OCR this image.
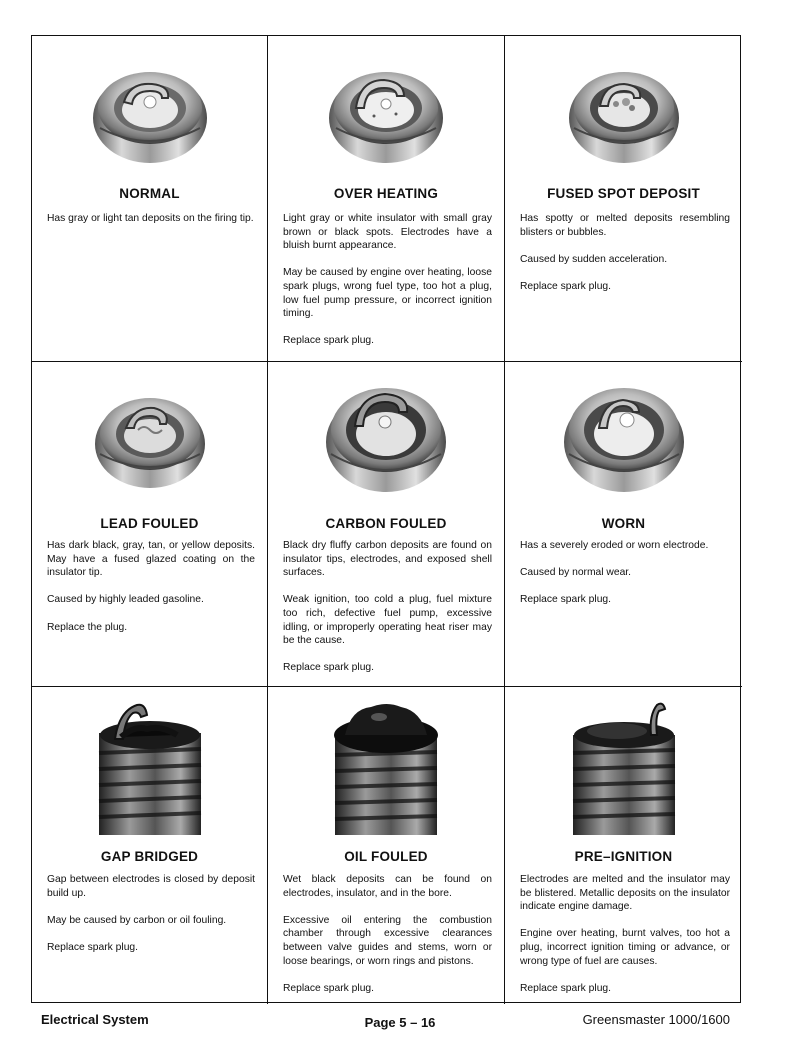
NORMAL

Has gray or light tan deposits on the firing tip.

OVER HEATING

Light gray or white insulator with small gray brown or black spots. Electrodes have a bluish burnt appearance.

May be caused by engine over heating, loose spark plugs, wrong fuel type, too hot a plug, low fuel pump pressure, or incorrect ignition timing.

Replace spark plug.

FUSED SPOT DEPOSIT

Has spotty or melted deposits resembling blisters or bubbles.

Caused by sudden acceleration.

Replace spark plug.

LEAD FOULED

Has dark black, gray, tan, or yellow deposits. May have a fused glazed coating on the insulator tip.

Caused by highly leaded gasoline.

Replace the plug.

CARBON FOULED

Black dry fluffy carbon deposits are found on insulator tips, electrodes, and exposed shell surfaces.

Weak ignition, too cold a plug, fuel mixture too rich, defective fuel pump, excessive idling, or improperly operating heat riser may be the cause.

Replace spark plug.

WORN

Has a severely eroded or worn electrode.

Caused by normal wear.

Replace spark plug.

GAP BRIDGED

Gap between electrodes is closed by deposit build up.

May be caused by carbon or oil fouling.

Replace spark plug.

OIL FOULED

Wet black deposits can be found on electrodes, insulator, and in the bore.

Excessive oil entering the combustion chamber through excessive clearances between valve guides and stems, worn or loose bearings, or worn rings and pistons.

Replace spark plug.

PRE–IGNITION

Electrodes are melted and the insulator may be blistered. Metallic deposits on the insulator indicate engine damage.

Engine over heating, burnt valves, too hot a plug, incorrect ignition timing or advance, or wrong type of fuel are causes.

Replace spark plug.

Electrical System	Page 5 – 16	Greensmaster 1000/1600
